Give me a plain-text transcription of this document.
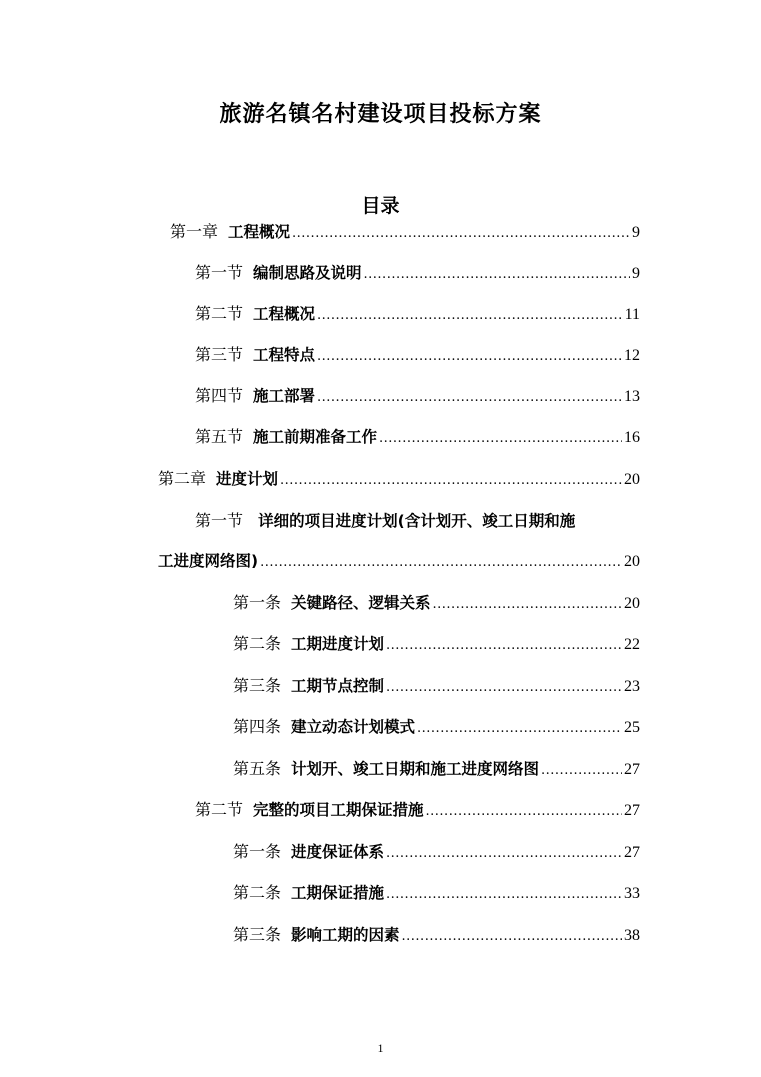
旅游名镇名村建设项目投标方案
目录
第一章 工程概况 .....	9
第一节 编制思路及说明 .....	9
第二节 工程概况 .....	11
第三节 工程特点 .....	12
第四节 施工部署 .....	13
第五节 施工前期准备工作 .....	16
第二章 进度计划 .....	20
第一节 详细的项目进度计划(含计划开、竣工日期和施
工进度网络图) .....	20
第一条 关键路径、逻辑关系 .....	20
第二条 工期进度计划 .....	22
第三条 工期节点控制 .....	23
第四条 建立动态计划模式 .....	25
第五条 计划开、竣工日期和施工进度网络图 .....	27
第二节 完整的项目工期保证措施 .....	27
第一条 进度保证体系 .....	27
第二条 工期保证措施 .....	33
第三条 影响工期的因素 .....	38
1
